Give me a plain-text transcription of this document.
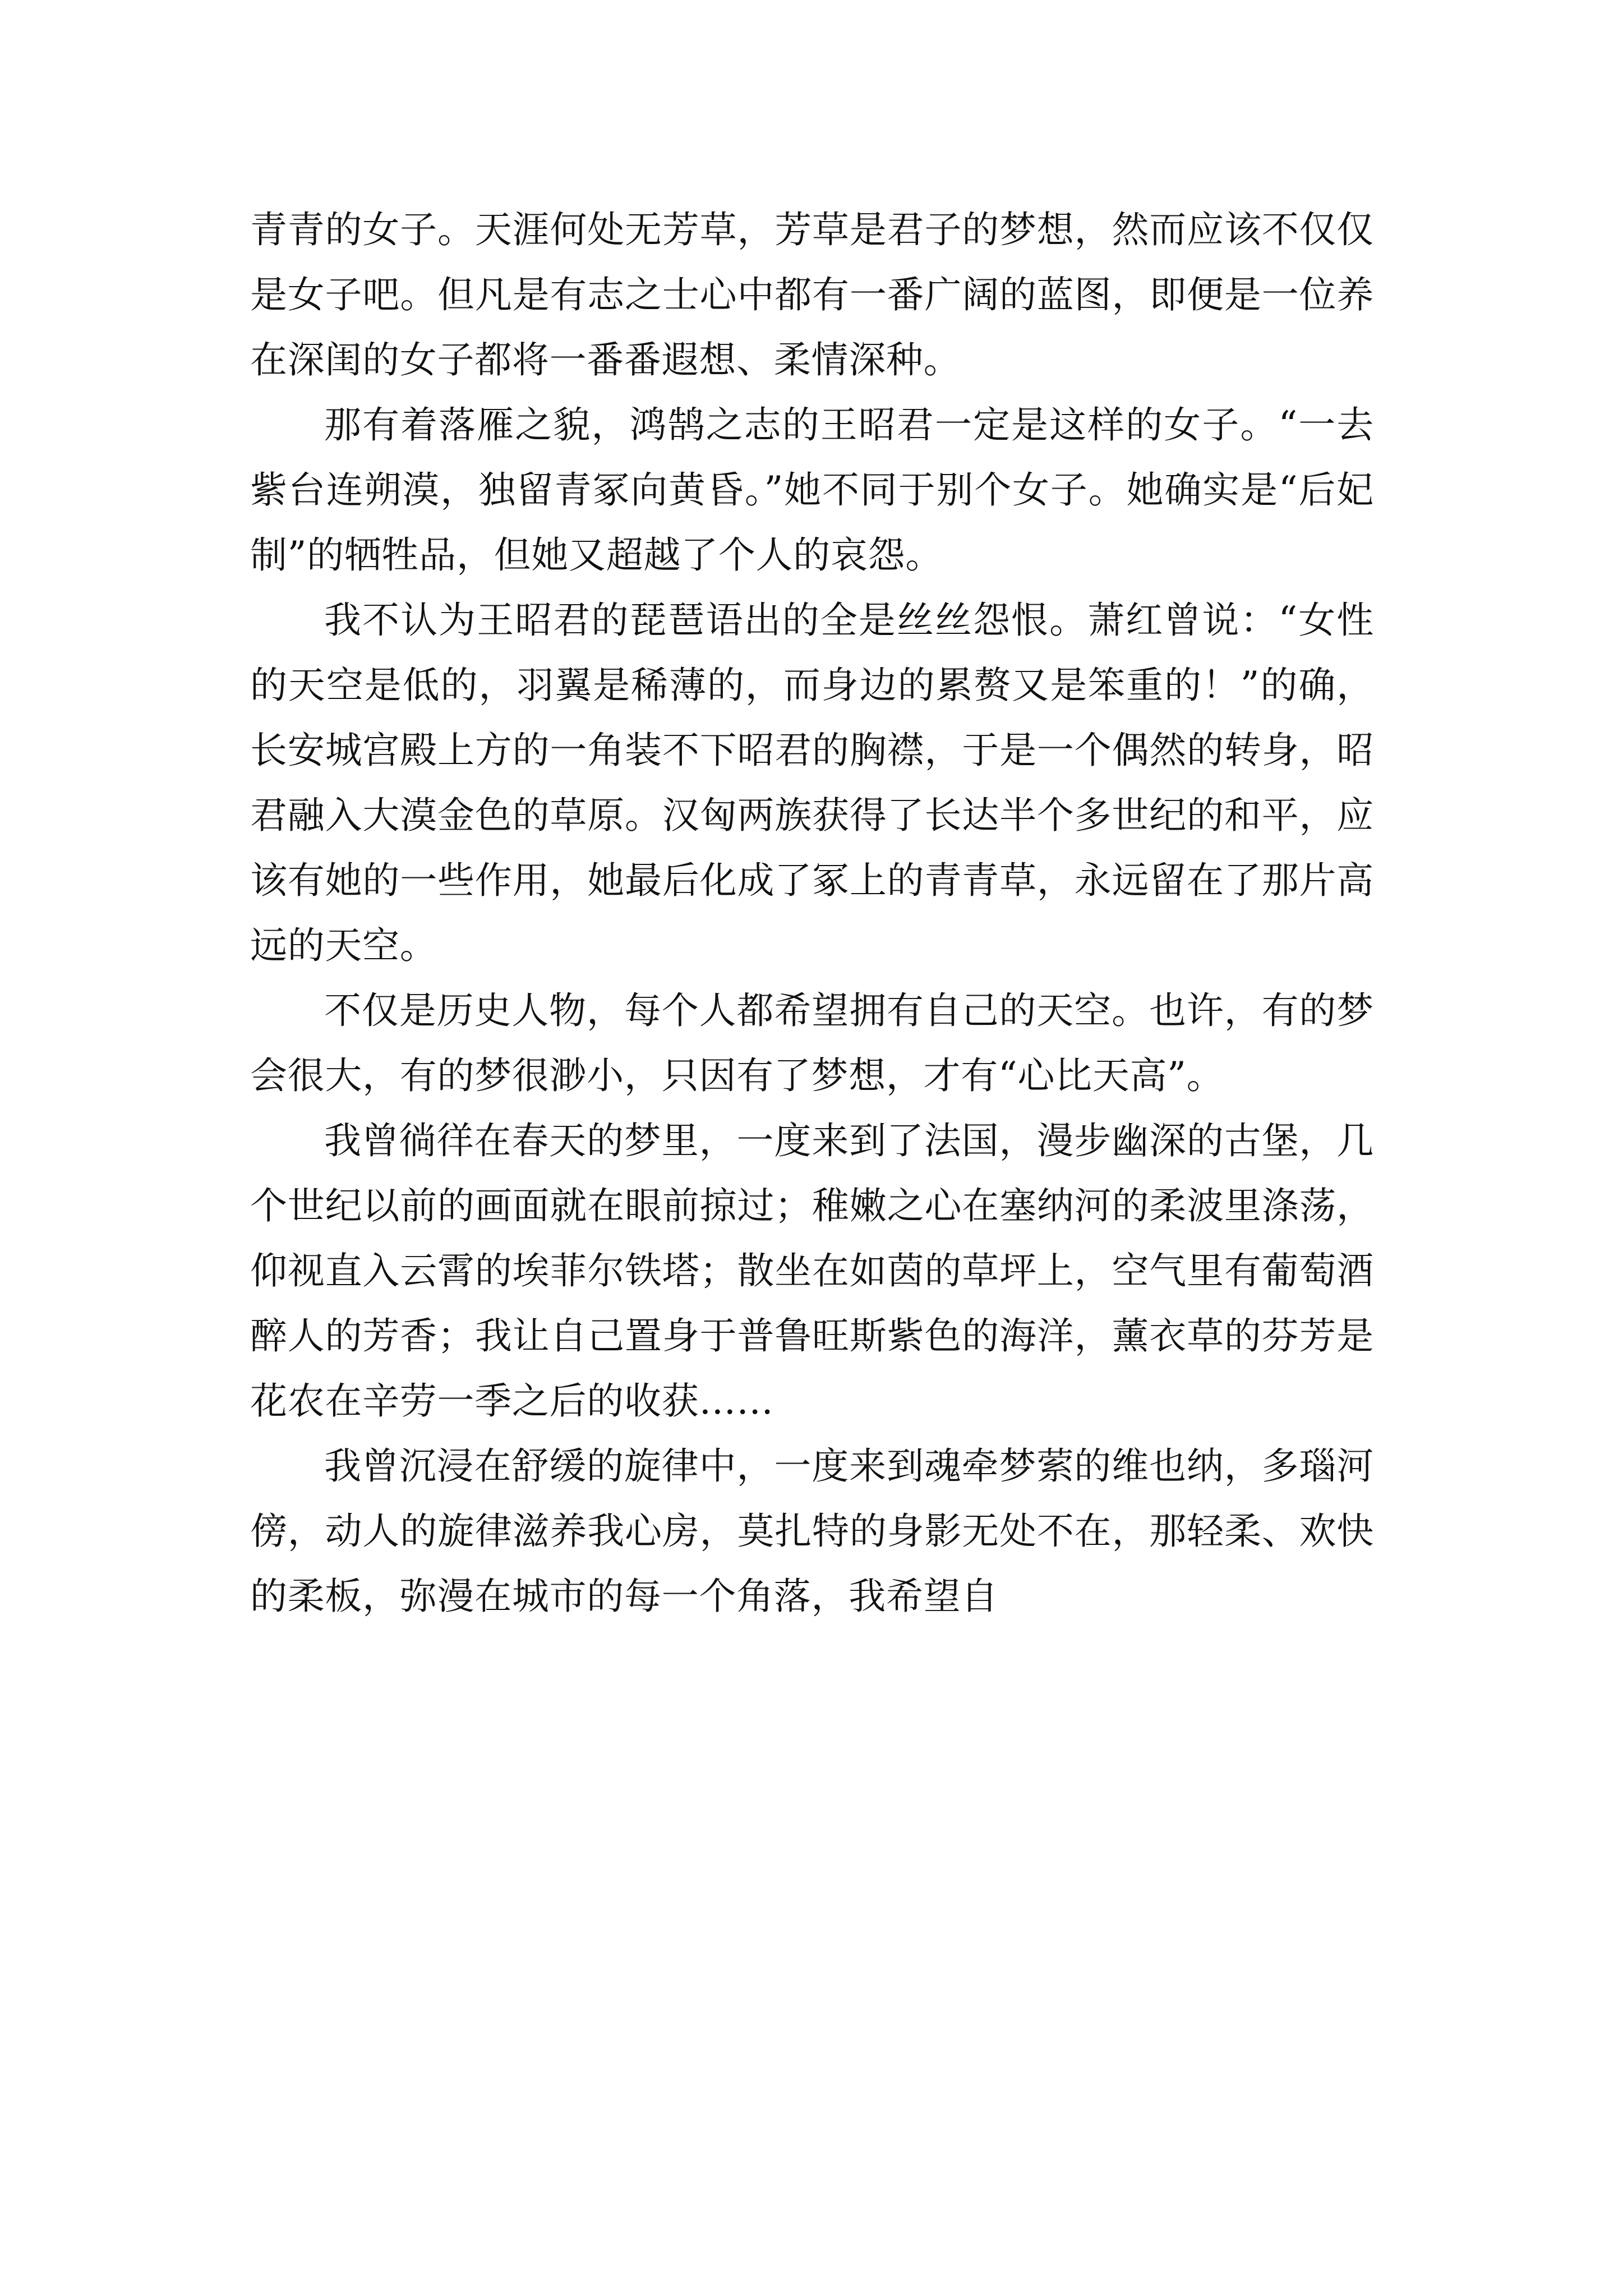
青青的女子。天涯何处无芳草，芳草是君子的梦想，然而应该不仅仅是女子吧。但凡是有志之士心中都有一番广阔的蓝图，即便是一位养在深闺的女子都将一番番遐想、柔情深种。

那有着落雁之貌，鸿鹄之志的王昭君一定是这样的女子。“一去紫台连朔漠，独留青冢向黄昏。”她不同于别个女子。她确实是“后妃制”的牺牲品，但她又超越了个人的哀怨。

我不认为王昭君的琵琶语出的全是丝丝怨恨。萧红曾说：“女性的天空是低的，羽翼是稀薄的，而身边的累赘又是笨重的！”的确，长安城宫殿上方的一角装不下昭君的胸襟，于是一个偶然的转身，昭君融入大漠金色的草原。汉匈两族获得了长达半个多世纪的和平，应该有她的一些作用，她最后化成了冢上的青青草，永远留在了那片高远的天空。

不仅是历史人物，每个人都希望拥有自己的天空。也许，有的梦会很大，有的梦很渺小，只因有了梦想，才有“心比天高”。

我曾徜徉在春天的梦里，一度来到了法国，漫步幽深的古堡，几个世纪以前的画面就在眼前掠过；稚嫩之心在塞纳河的柔波里涤荡，仰视直入云霄的埃菲尔铁塔；散坐在如茵的草坪上，空气里有葡萄酒醉人的芳香；我让自己置身于普鲁旺斯紫色的海洋，薰衣草的芬芳是花农在辛劳一季之后的收获……

我曾沉浸在舒缓的旋律中，一度来到魂牵梦萦的维也纳，多瑙河傍，动人的旋律滋养我心房，莫扎特的身影无处不在，那轻柔、欢快的柔板，弥漫在城市的每一个角落，我希望自
